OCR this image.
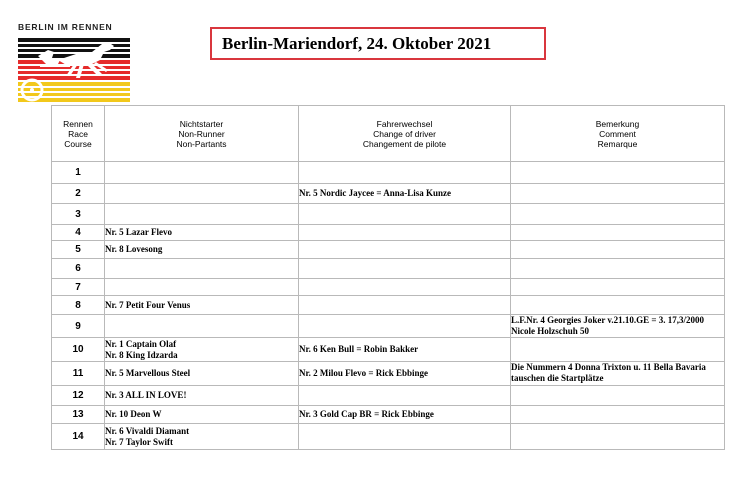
BERLIN IM RENNEN
Berlin-Mariendorf, 24. Oktober 2021
Rennen
Race
Course	Nichtstarter
Non-Runner
Non-Partants	Fahrerwechsel
Change of driver
Changement de pilote	Bemerkung
Comment
Remarque

1			
2		Nr. 5 Nordic Jaycee = Anna-Lisa Kunze	

3			
4	Nr. 5 Lazar Flevo		

5	Nr. 8 Lovesong		

6			
7			
8	Nr. 7 Petit Four Venus		

9			L.F.Nr. 4 Georgies Joker v.21.10.GE = 3. 17,3/2000 Nicole Holzschuh 50

10	Nr. 1 Captain Olaf
Nr. 8 King Idzarda	Nr. 6 Ken Bull = Robin Bakker	

11	Nr. 5 Marvellous Steel	Nr. 2 Milou Flevo = Rick Ebbinge	Die Nummern 4 Donna Trixton u. 11 Bella Bavaria tauschen die Startplätze

12	Nr. 3 ALL IN LOVE!		

13	Nr. 10 Deon W	Nr. 3 Gold Cap BR = Rick Ebbinge	

14	Nr. 6 Vivaldi Diamant
Nr. 7 Taylor Swift		
